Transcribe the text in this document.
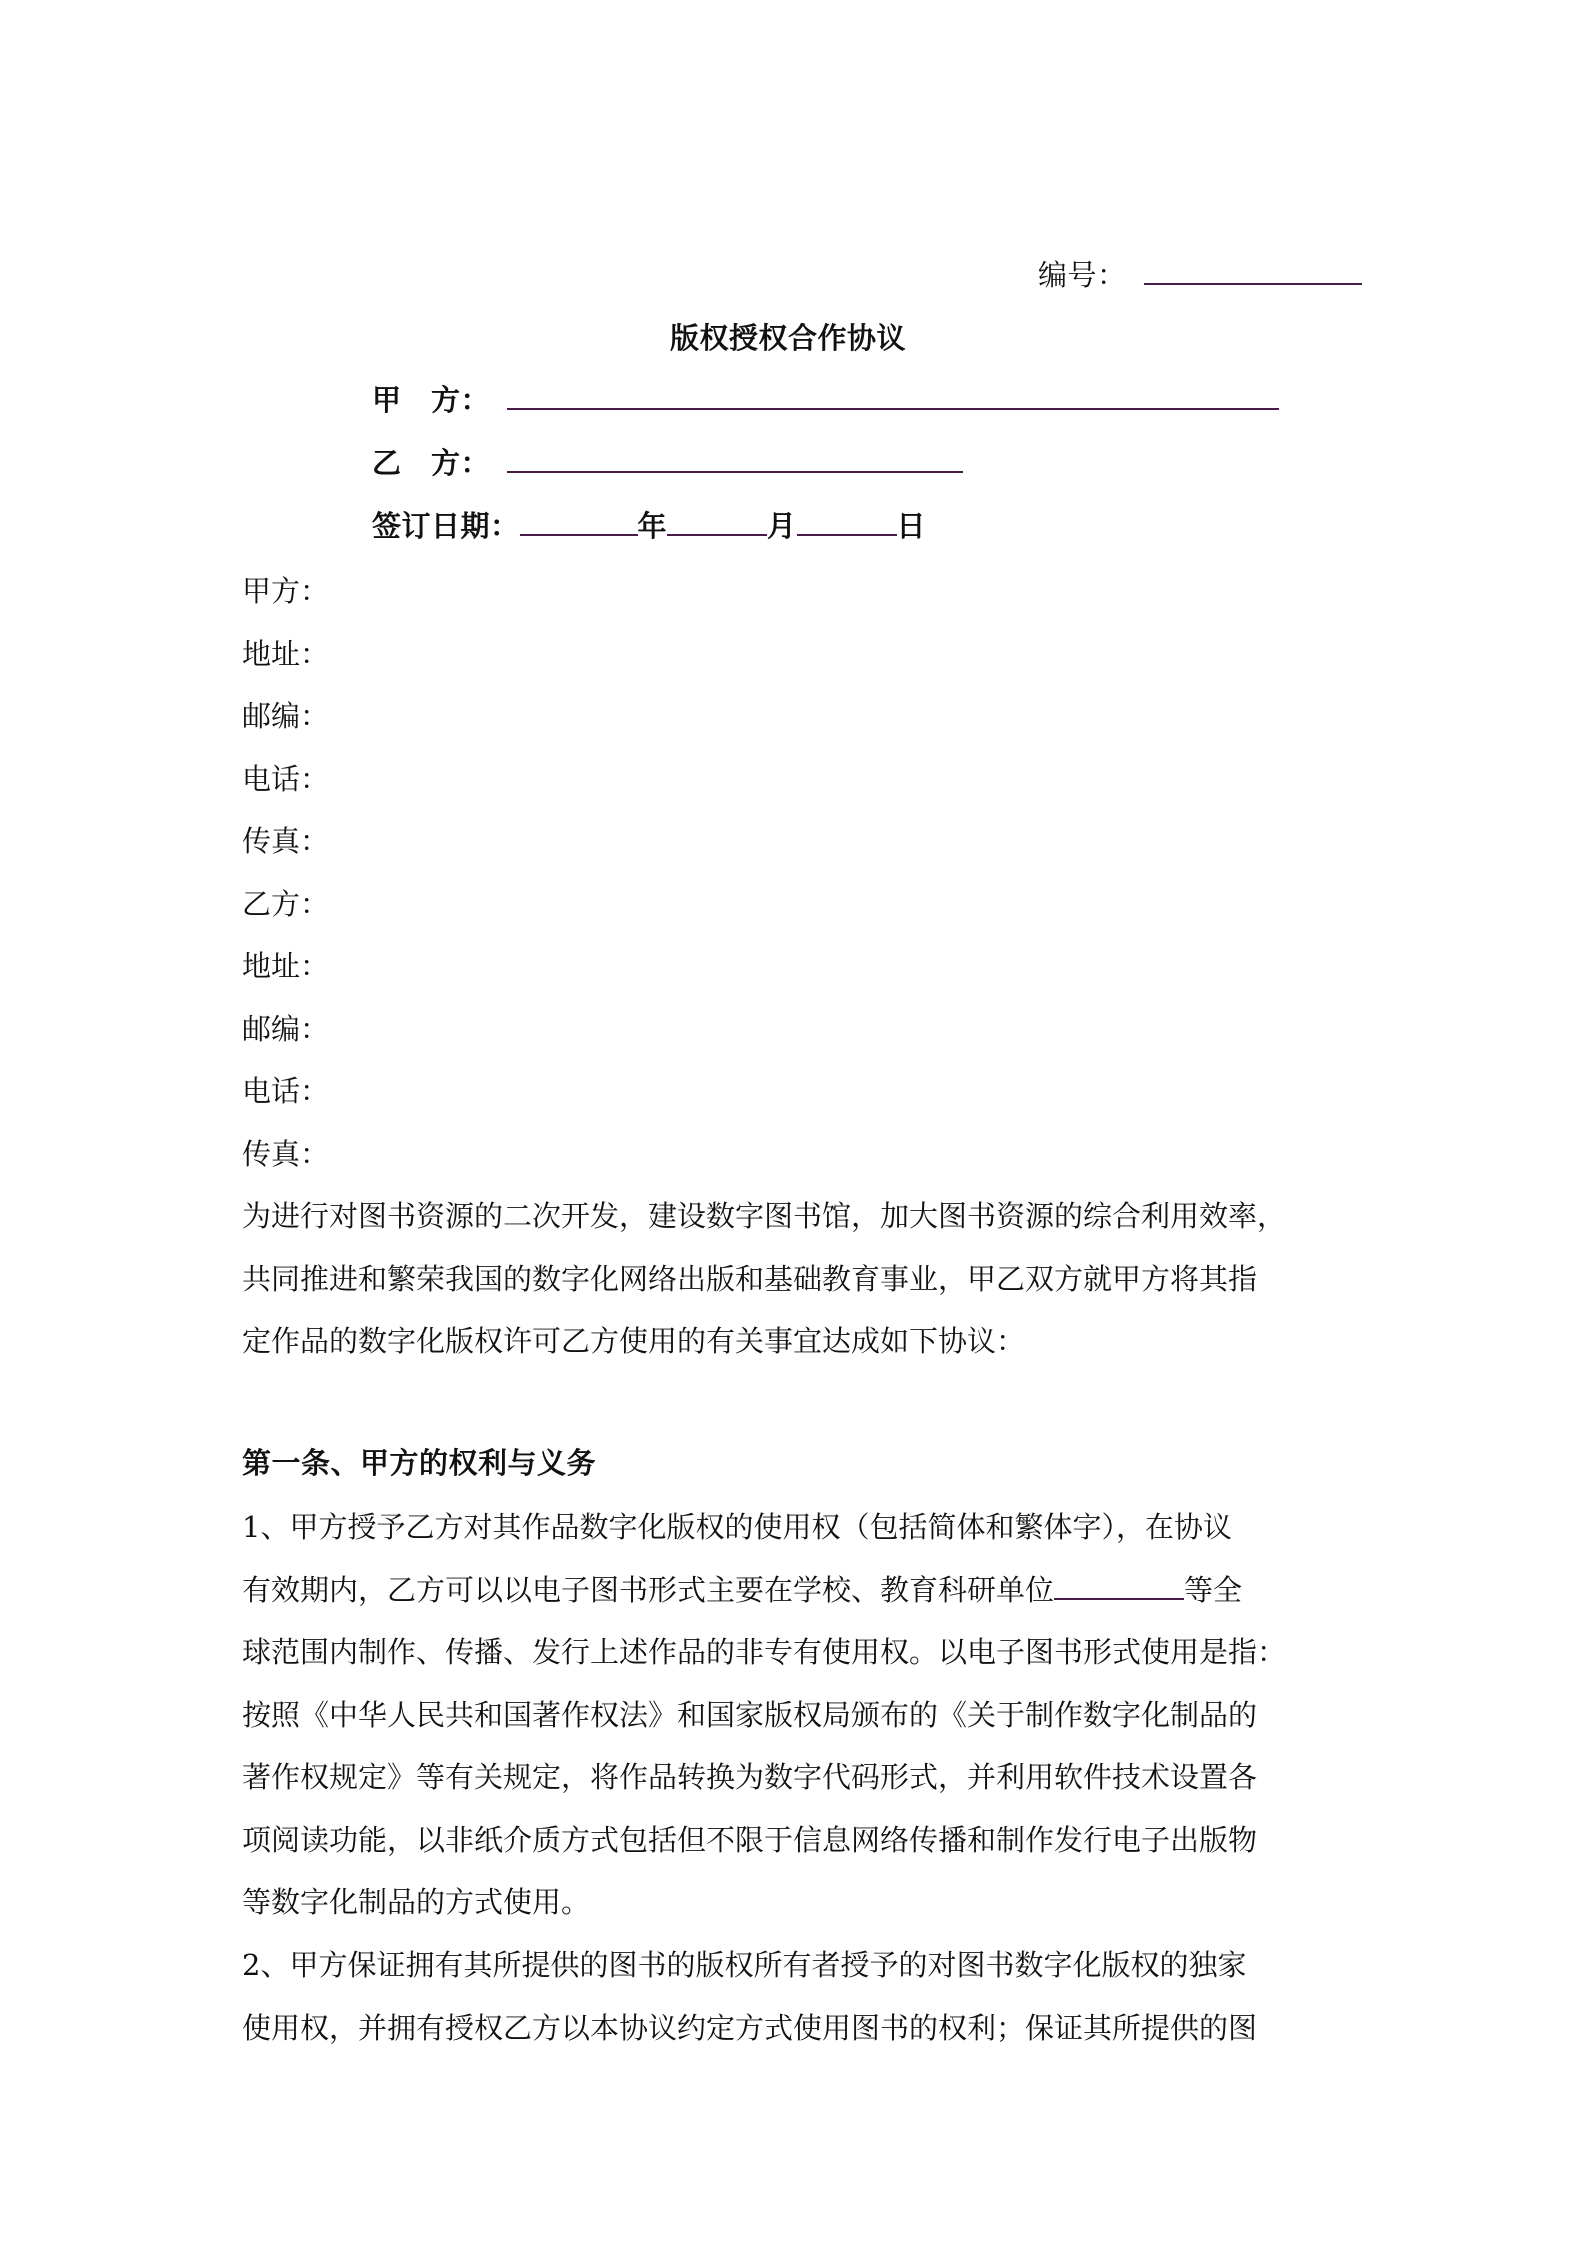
编号：
版权授权合作协议
甲　方：
乙　方：
签订日期：	年	月	日
甲方：
地址：
邮编：
电话：
传真：
乙方：
地址：
邮编：
电话：
传真：
为进行对图书资源的二次开发，建设数字图书馆，加大图书资源的综合利用效率，
共同推进和繁荣我国的数字化网络出版和基础教育事业，甲乙双方就甲方将其指
定作品的数字化版权许可乙方使用的有关事宜达成如下协议：
第一条、甲方的权利与义务
1、甲方授予乙方对其作品数字化版权的使用权（包括简体和繁体字），在协议
有效期内，乙方可以以电子图书形式主要在学校、教育科研单位	等全
球范围内制作、传播、发行上述作品的非专有使用权。以电子图书形式使用是指：
按照《中华人民共和国著作权法》和国家版权局颁布的《关于制作数字化制品的
著作权规定》等有关规定，将作品转换为数字代码形式，并利用软件技术设置各
项阅读功能，以非纸介质方式包括但不限于信息网络传播和制作发行电子出版物
等数字化制品的方式使用。
2、甲方保证拥有其所提供的图书的版权所有者授予的对图书数字化版权的独家
使用权，并拥有授权乙方以本协议约定方式使用图书的权利；保证其所提供的图
